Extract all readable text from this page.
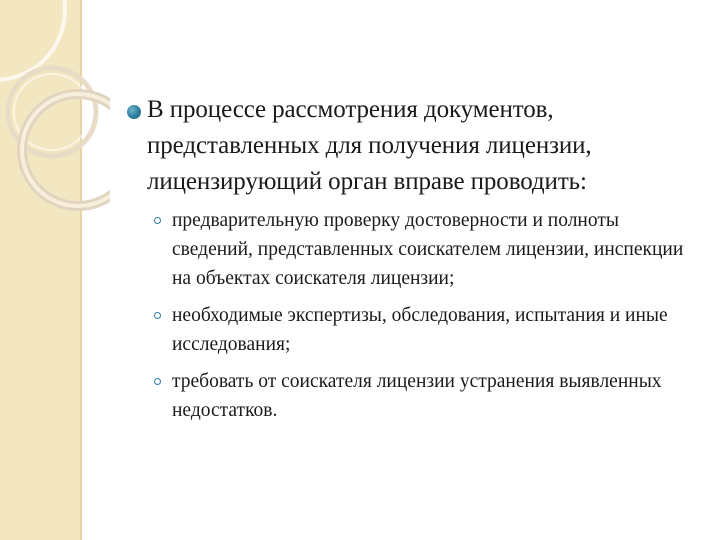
В процессе рассмотрения документов, представленных для получения лицензии, лицензирующий орган вправе проводить:
предварительную проверку достоверности и полноты сведений, представленных соискателем лицензии, инспекции на объектах соискателя лицензии;
необходимые экспертизы, обследования, испытания и иные исследования;
требовать от соискателя лицензии устранения выявленных недостатков.
